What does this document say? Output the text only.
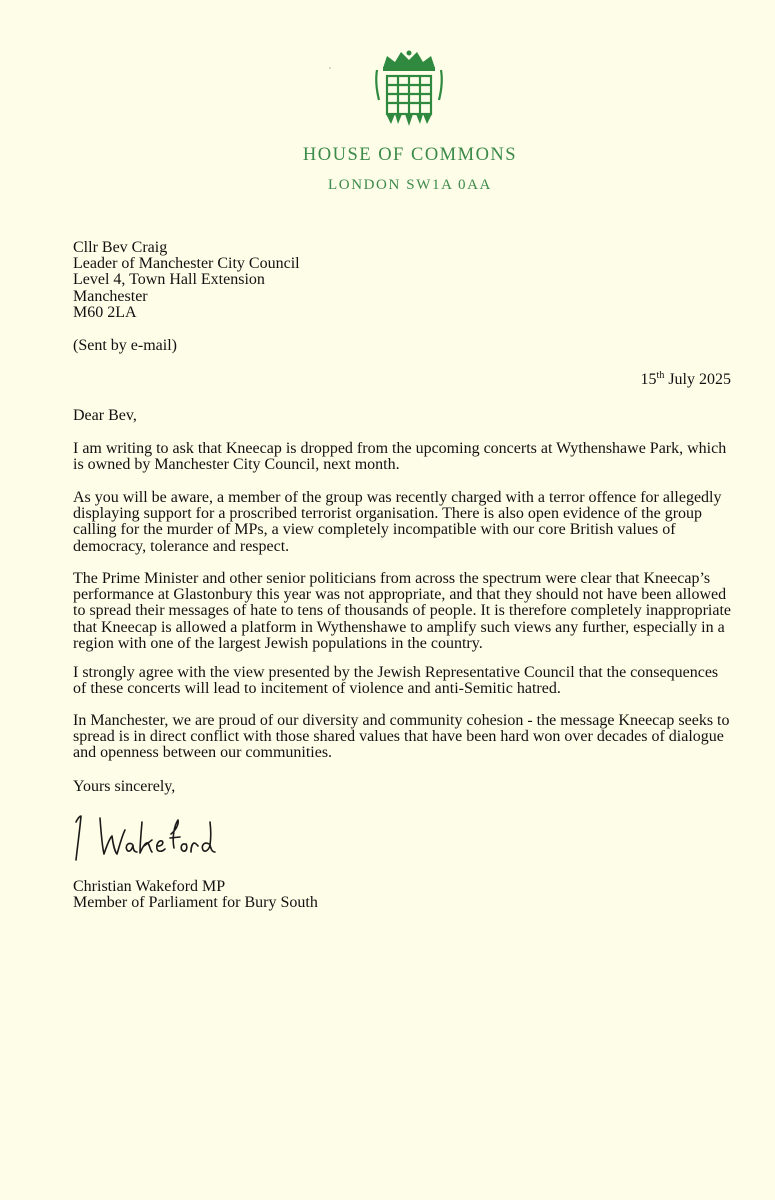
HOUSE OF COMMONS
LONDON SW1A 0AA
Cllr Bev Craig
Leader of Manchester City Council
Level 4, Town Hall Extension
Manchester
M60 2LA
(Sent by e-mail)
15th July 2025
Dear Bev,
I am writing to ask that Kneecap is dropped from the upcoming concerts at Wythenshawe Park, which is owned by Manchester City Council, next month.
As you will be aware, a member of the group was recently charged with a terror offence for allegedly displaying support for a proscribed terrorist organisation. There is also open evidence of the group calling for the murder of MPs, a view completely incompatible with our core British values of democracy, tolerance and respect.
The Prime Minister and other senior politicians from across the spectrum were clear that Kneecap’s performance at Glastonbury this year was not appropriate, and that they should not have been allowed to spread their messages of hate to tens of thousands of people. It is therefore completely inappropriate that Kneecap is allowed a platform in Wythenshawe to amplify such views any further, especially in a region with one of the largest Jewish populations in the country.
I strongly agree with the view presented by the Jewish Representative Council that the consequences of these concerts will lead to incitement of violence and anti-Semitic hatred.
In Manchester, we are proud of our diversity and community cohesion - the message Kneecap seeks to spread is in direct conflict with those shared values that have been hard won over decades of dialogue and openness between our communities.
Yours sincerely,
Christian Wakeford MP
Member of Parliament for Bury South
